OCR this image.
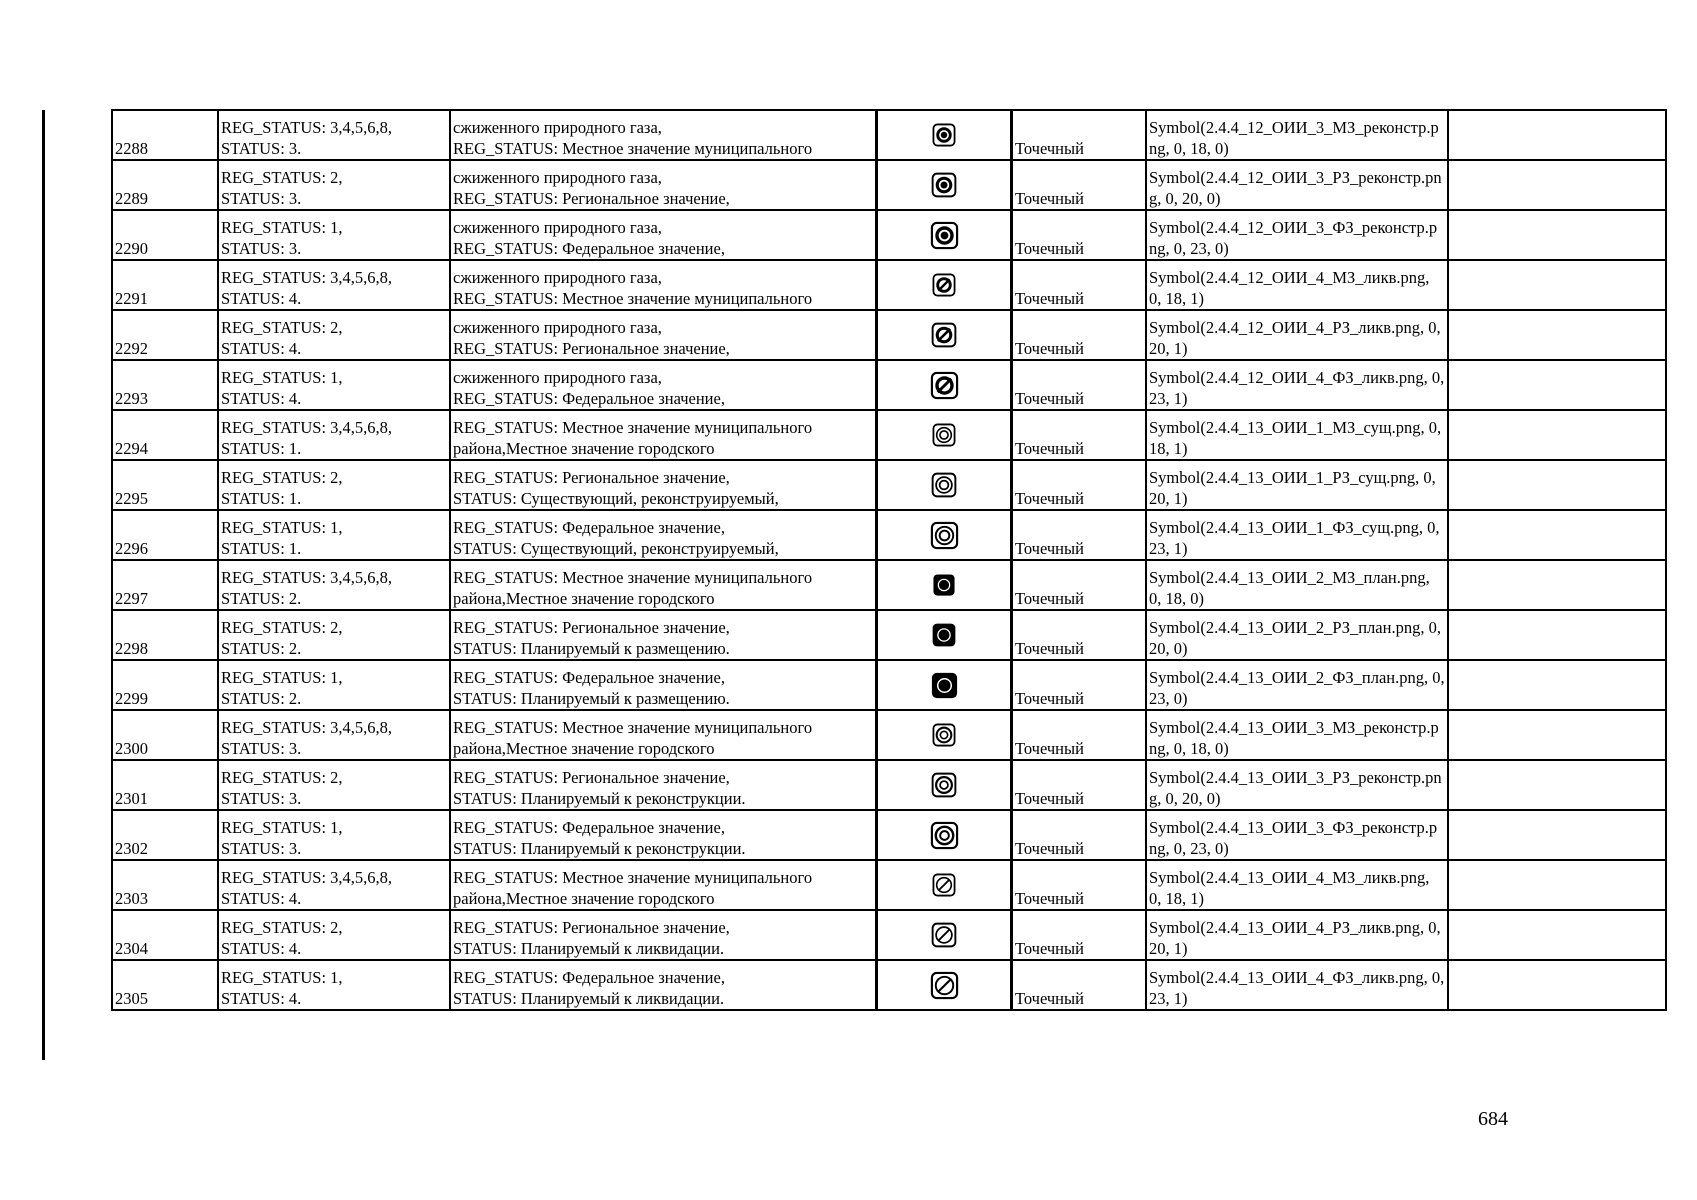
2288	REG_STATUS: 3,4,5,6,8,
STATUS: 3.	сжиженного природного газа,
REG_STATUS: Местное значение муниципального		Точечный	Symbol(2.4.4_12_ОИИ_3_МЗ_реконстр.png, 0, 18, 0)	

2289	REG_STATUS: 2,
STATUS: 3.	сжиженного природного газа,
REG_STATUS: Региональное значение,		Точечный	Symbol(2.4.4_12_ОИИ_3_РЗ_реконстр.png, 0, 20, 0)	

2290	REG_STATUS: 1,
STATUS: 3.	сжиженного природного газа,
REG_STATUS: Федеральное значение,		Точечный	Symbol(2.4.4_12_ОИИ_3_ФЗ_реконстр.png, 0, 23, 0)	

2291	REG_STATUS: 3,4,5,6,8,
STATUS: 4.	сжиженного природного газа,
REG_STATUS: Местное значение муниципального		Точечный	Symbol(2.4.4_12_ОИИ_4_МЗ_ликв.png, 0, 18, 1)	

2292	REG_STATUS: 2,
STATUS: 4.	сжиженного природного газа,
REG_STATUS: Региональное значение,		Точечный	Symbol(2.4.4_12_ОИИ_4_РЗ_ликв.png, 0, 20, 1)	

2293	REG_STATUS: 1,
STATUS: 4.	сжиженного природного газа,
REG_STATUS: Федеральное значение,		Точечный	Symbol(2.4.4_12_ОИИ_4_ФЗ_ликв.png, 0, 23, 1)	

2294	REG_STATUS: 3,4,5,6,8,
STATUS: 1.	REG_STATUS: Местное значение муниципального
района,Местное значение городского		Точечный	Symbol(2.4.4_13_ОИИ_1_МЗ_сущ.png, 0, 18, 1)	

2295	REG_STATUS: 2,
STATUS: 1.	REG_STATUS: Региональное значение,
STATUS: Существующий, реконструируемый,		Точечный	Symbol(2.4.4_13_ОИИ_1_РЗ_сущ.png, 0, 20, 1)	

2296	REG_STATUS: 1,
STATUS: 1.	REG_STATUS: Федеральное значение,
STATUS: Существующий, реконструируемый,		Точечный	Symbol(2.4.4_13_ОИИ_1_ФЗ_сущ.png, 0, 23, 1)	

2297	REG_STATUS: 3,4,5,6,8,
STATUS: 2.	REG_STATUS: Местное значение муниципального
района,Местное значение городского		Точечный	Symbol(2.4.4_13_ОИИ_2_МЗ_план.png, 0, 18, 0)	

2298	REG_STATUS: 2,
STATUS: 2.	REG_STATUS: Региональное значение,
STATUS: Планируемый к размещению.		Точечный	Symbol(2.4.4_13_ОИИ_2_РЗ_план.png, 0, 20, 0)	

2299	REG_STATUS: 1,
STATUS: 2.	REG_STATUS: Федеральное значение,
STATUS: Планируемый к размещению.		Точечный	Symbol(2.4.4_13_ОИИ_2_ФЗ_план.png, 0, 23, 0)	

2300	REG_STATUS: 3,4,5,6,8,
STATUS: 3.	REG_STATUS: Местное значение муниципального
района,Местное значение городского		Точечный	Symbol(2.4.4_13_ОИИ_3_МЗ_реконстр.png, 0, 18, 0)	

2301	REG_STATUS: 2,
STATUS: 3.	REG_STATUS: Региональное значение,
STATUS: Планируемый к реконструкции.		Точечный	Symbol(2.4.4_13_ОИИ_3_РЗ_реконстр.png, 0, 20, 0)	

2302	REG_STATUS: 1,
STATUS: 3.	REG_STATUS: Федеральное значение,
STATUS: Планируемый к реконструкции.		Точечный	Symbol(2.4.4_13_ОИИ_3_ФЗ_реконстр.png, 0, 23, 0)	

2303	REG_STATUS: 3,4,5,6,8,
STATUS: 4.	REG_STATUS: Местное значение муниципального
района,Местное значение городского		Точечный	Symbol(2.4.4_13_ОИИ_4_МЗ_ликв.png, 0, 18, 1)	

2304	REG_STATUS: 2,
STATUS: 4.	REG_STATUS: Региональное значение,
STATUS: Планируемый к ликвидации.		Точечный	Symbol(2.4.4_13_ОИИ_4_РЗ_ликв.png, 0, 20, 1)	

2305	REG_STATUS: 1,
STATUS: 4.	REG_STATUS: Федеральное значение,
STATUS: Планируемый к ликвидации.		Точечный	Symbol(2.4.4_13_ОИИ_4_ФЗ_ликв.png, 0, 23, 1)	

684
